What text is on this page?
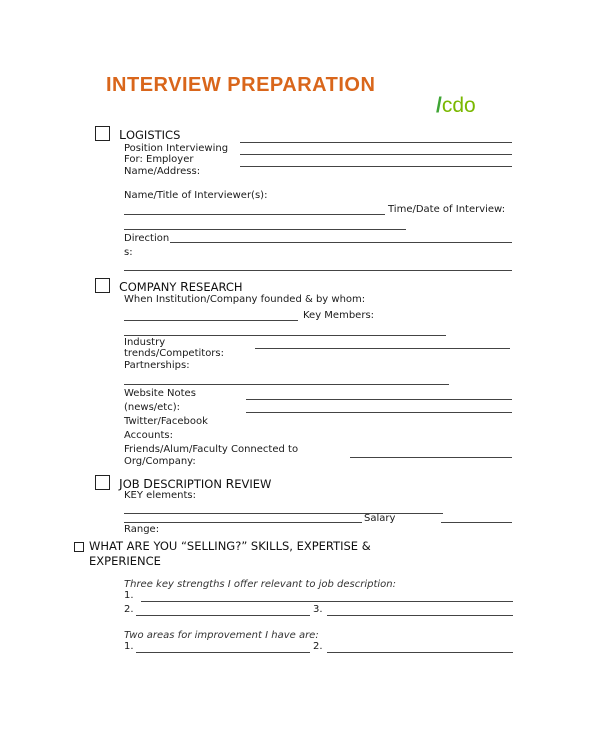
INTERVIEW PREPARATION
/cdo
LOGISTICS
Position Interviewing
For: Employer
Name/Address:
Name/Title of Interviewer(s):
Time/Date of Interview:
Direction
s:
COMPANY RESEARCH
When Institution/Company founded & by whom:
Key Members:
Industry
trends/Competitors:
Partnerships:
Website Notes
(news/etc):
Twitter/Facebook
Accounts:
Friends/Alum/Faculty Connected to
Org/Company:
JOB DESCRIPTION REVIEW
KEY elements:
Salary
Range:
WHAT ARE YOU “SELLING?” SKILLS, EXPERTISE &
EXPERIENCE
Three key strengths I offer relevant to job description:
1.
2.	3.
Two areas for improvement I have are:
1.	2.
